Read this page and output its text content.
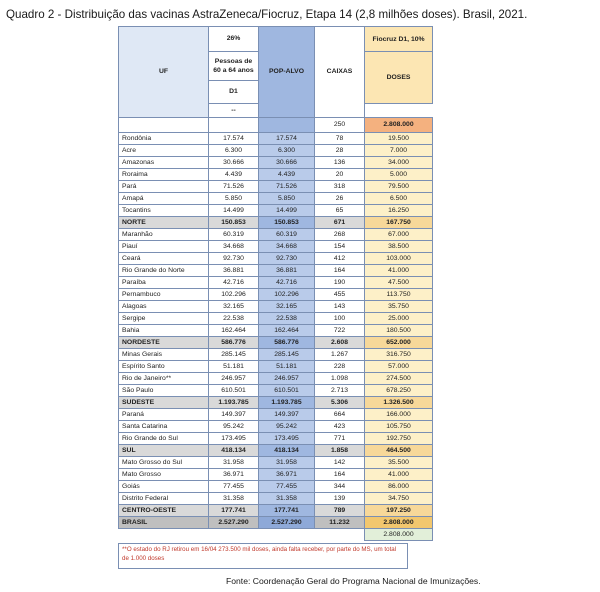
Quadro 2 - Distribuição das vacinas AstraZeneca/Fiocruz, Etapa 14 (2,8 milhões doses). Brasil, 2021.
UF	26%	POP-ALVO	CAIXAS	Fiocruz D1, 10%
	Pessoas de 60 a 64 anos			DOSES
	D1			
	--			
			250	2.808.000
Rondônia	17.574	17.574	78	19.500
Acre	6.300	6.300	28	7.000
Amazonas	30.666	30.666	136	34.000
Roraima	4.439	4.439	20	5.000
Pará	71.526	71.526	318	79.500
Amapá	5.850	5.850	26	6.500
Tocantins	14.499	14.499	65	16.250
NORTE	150.853	150.853	671	167.750
Maranhão	60.319	60.319	268	67.000
Piauí	34.668	34.668	154	38.500
Ceará	92.730	92.730	412	103.000
Rio Grande do Norte	36.881	36.881	164	41.000
Paraíba	42.716	42.716	190	47.500
Pernambuco	102.296	102.296	455	113.750
Alagoas	32.165	32.165	143	35.750
Sergipe	22.538	22.538	100	25.000
Bahia	162.464	162.464	722	180.500
NORDESTE	586.776	586.776	2.608	652.000
Minas Gerais	285.145	285.145	1.267	316.750
Espírito Santo	51.181	51.181	228	57.000
Rio de Janeiro**	246.957	246.957	1.098	274.500
São Paulo	610.501	610.501	2.713	678.250
SUDESTE	1.193.785	1.193.785	5.306	1.326.500
Paraná	149.397	149.397	664	166.000
Santa Catarina	95.242	95.242	423	105.750
Rio Grande do Sul	173.495	173.495	771	192.750
SUL	418.134	418.134	1.858	464.500
Mato Grosso do Sul	31.958	31.958	142	35.500
Mato Grosso	36.971	36.971	164	41.000
Goiás	77.455	77.455	344	86.000
Distrito Federal	31.358	31.358	139	34.750
CENTRO-OESTE	177.741	177.741	789	197.250
BRASIL	2.527.290	2.527.290	11.232	2.808.000
				2.808.000
**O estado do RJ retirou em 16/04 273.500 mil doses, ainda falta receber, por parte do MS, um total de 1.000 doses
Fonte: Coordenação Geral do Programa Nacional de Imunizações.
